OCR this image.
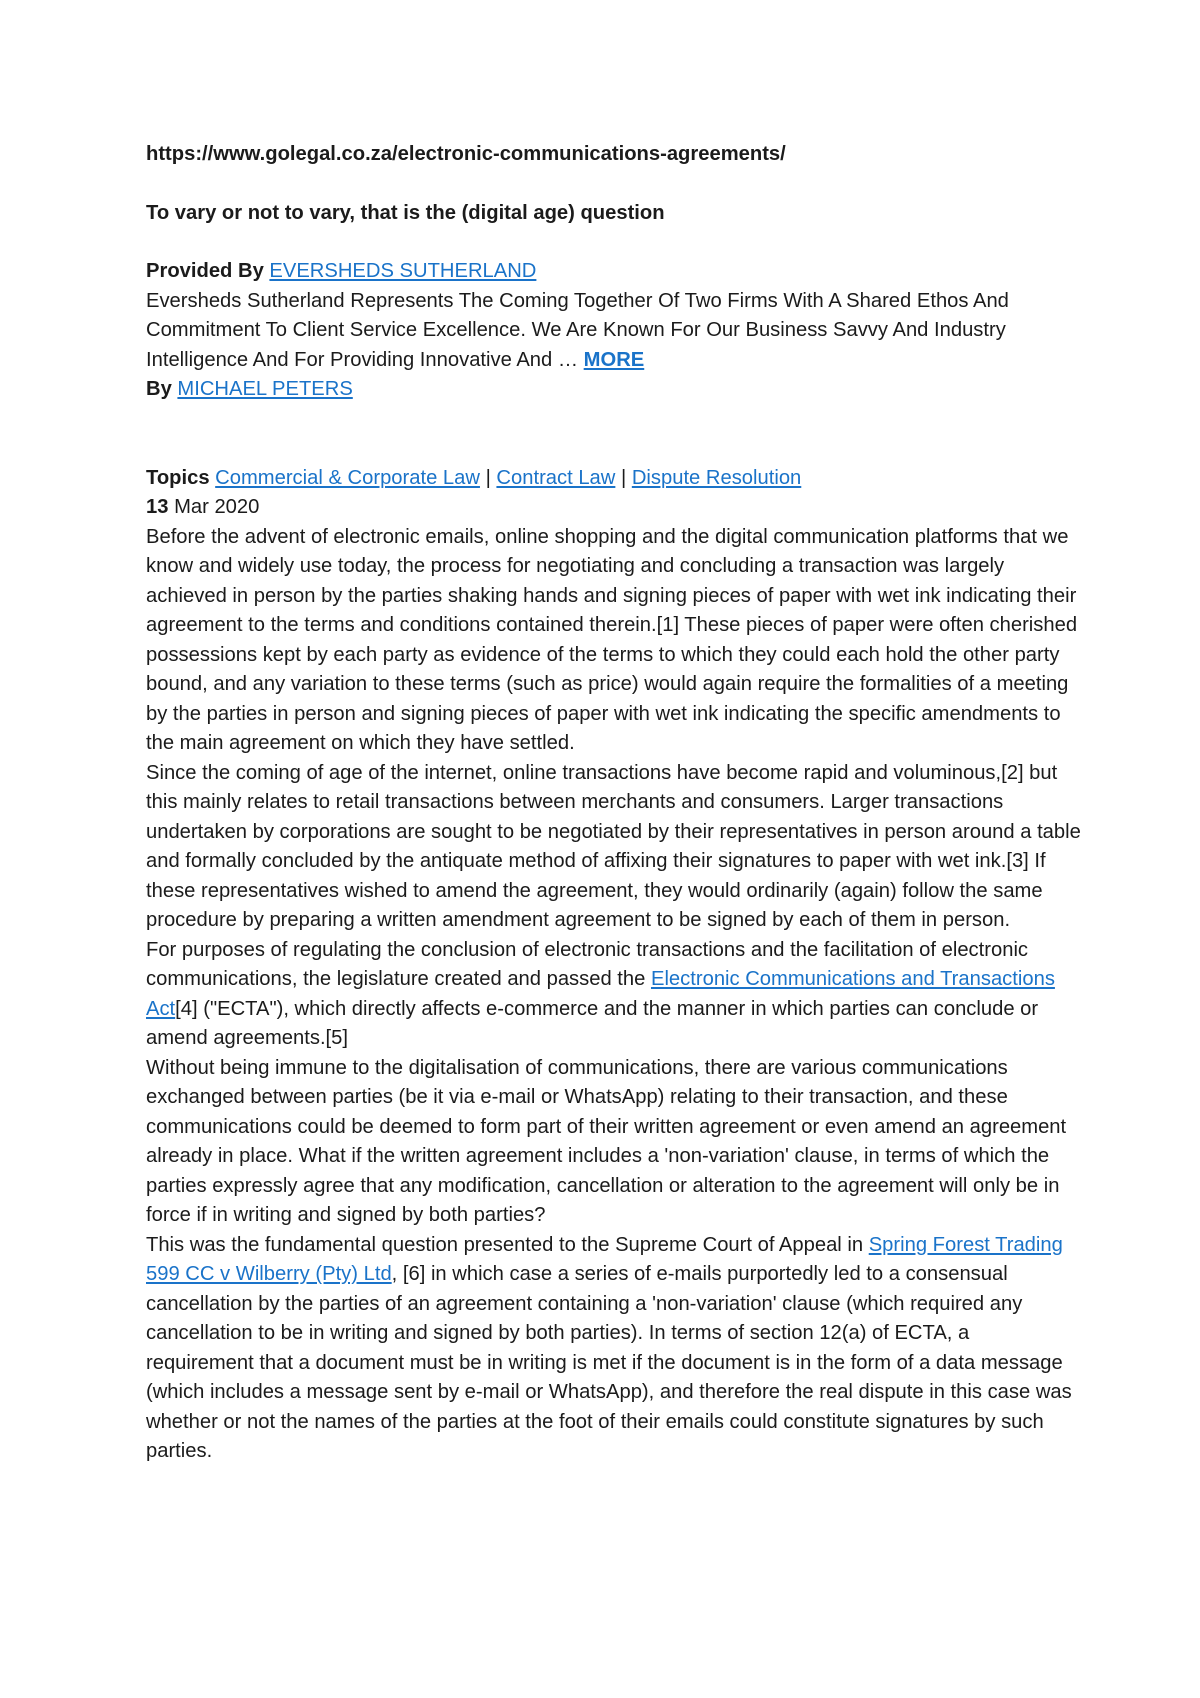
https://www.golegal.co.za/electronic-communications-agreements/

To vary or not to vary, that is the (digital age) question

Provided By EVERSHEDS SUTHERLAND

Eversheds Sutherland Represents The Coming Together Of Two Firms With A Shared Ethos And Commitment To Client Service Excellence. We Are Known For Our Business Savvy And Industry Intelligence And For Providing Innovative And … MORE

By MICHAEL PETERS

Topics Commercial & Corporate Law | Contract Law | Dispute Resolution

13 Mar 2020

Before the advent of electronic emails, online shopping and the digital communication platforms that we know and widely use today, the process for negotiating and concluding a transaction was largely achieved in person by the parties shaking hands and signing pieces of paper with wet ink indicating their agreement to the terms and conditions contained therein.[1] These pieces of paper were often cherished possessions kept by each party as evidence of the terms to which they could each hold the other party bound, and any variation to these terms (such as price) would again require the formalities of a meeting by the parties in person and signing pieces of paper with wet ink indicating the specific amendments to the main agreement on which they have settled.

Since the coming of age of the internet, online transactions have become rapid and voluminous,[2] but this mainly relates to retail transactions between merchants and consumers. Larger transactions undertaken by corporations are sought to be negotiated by their representatives in person around a table and formally concluded by the antiquate method of affixing their signatures to paper with wet ink.[3] If these representatives wished to amend the agreement, they would ordinarily (again) follow the same procedure by preparing a written amendment agreement to be signed by each of them in person.

For purposes of regulating the conclusion of electronic transactions and the facilitation of electronic communications, the legislature created and passed the Electronic Communications and Transactions Act[4] ("ECTA"), which directly affects e-commerce and the manner in which parties can conclude or amend agreements.[5]

Without being immune to the digitalisation of communications, there are various communications exchanged between parties (be it via e-mail or WhatsApp) relating to their transaction, and these communications could be deemed to form part of their written agreement or even amend an agreement already in place. What if the written agreement includes a 'non-variation' clause, in terms of which the parties expressly agree that any modification, cancellation or alteration to the agreement will only be in force if in writing and signed by both parties?

This was the fundamental question presented to the Supreme Court of Appeal in Spring Forest Trading 599 CC v Wilberry (Pty) Ltd, [6] in which case a series of e-mails purportedly led to a consensual cancellation by the parties of an agreement containing a 'non-variation' clause (which required any cancellation to be in writing and signed by both parties). In terms of section 12(a) of ECTA, a requirement that a document must be in writing is met if the document is in the form of a data message (which includes a message sent by e-mail or WhatsApp), and therefore the real dispute in this case was whether or not the names of the parties at the foot of their emails could constitute signatures by such parties.
